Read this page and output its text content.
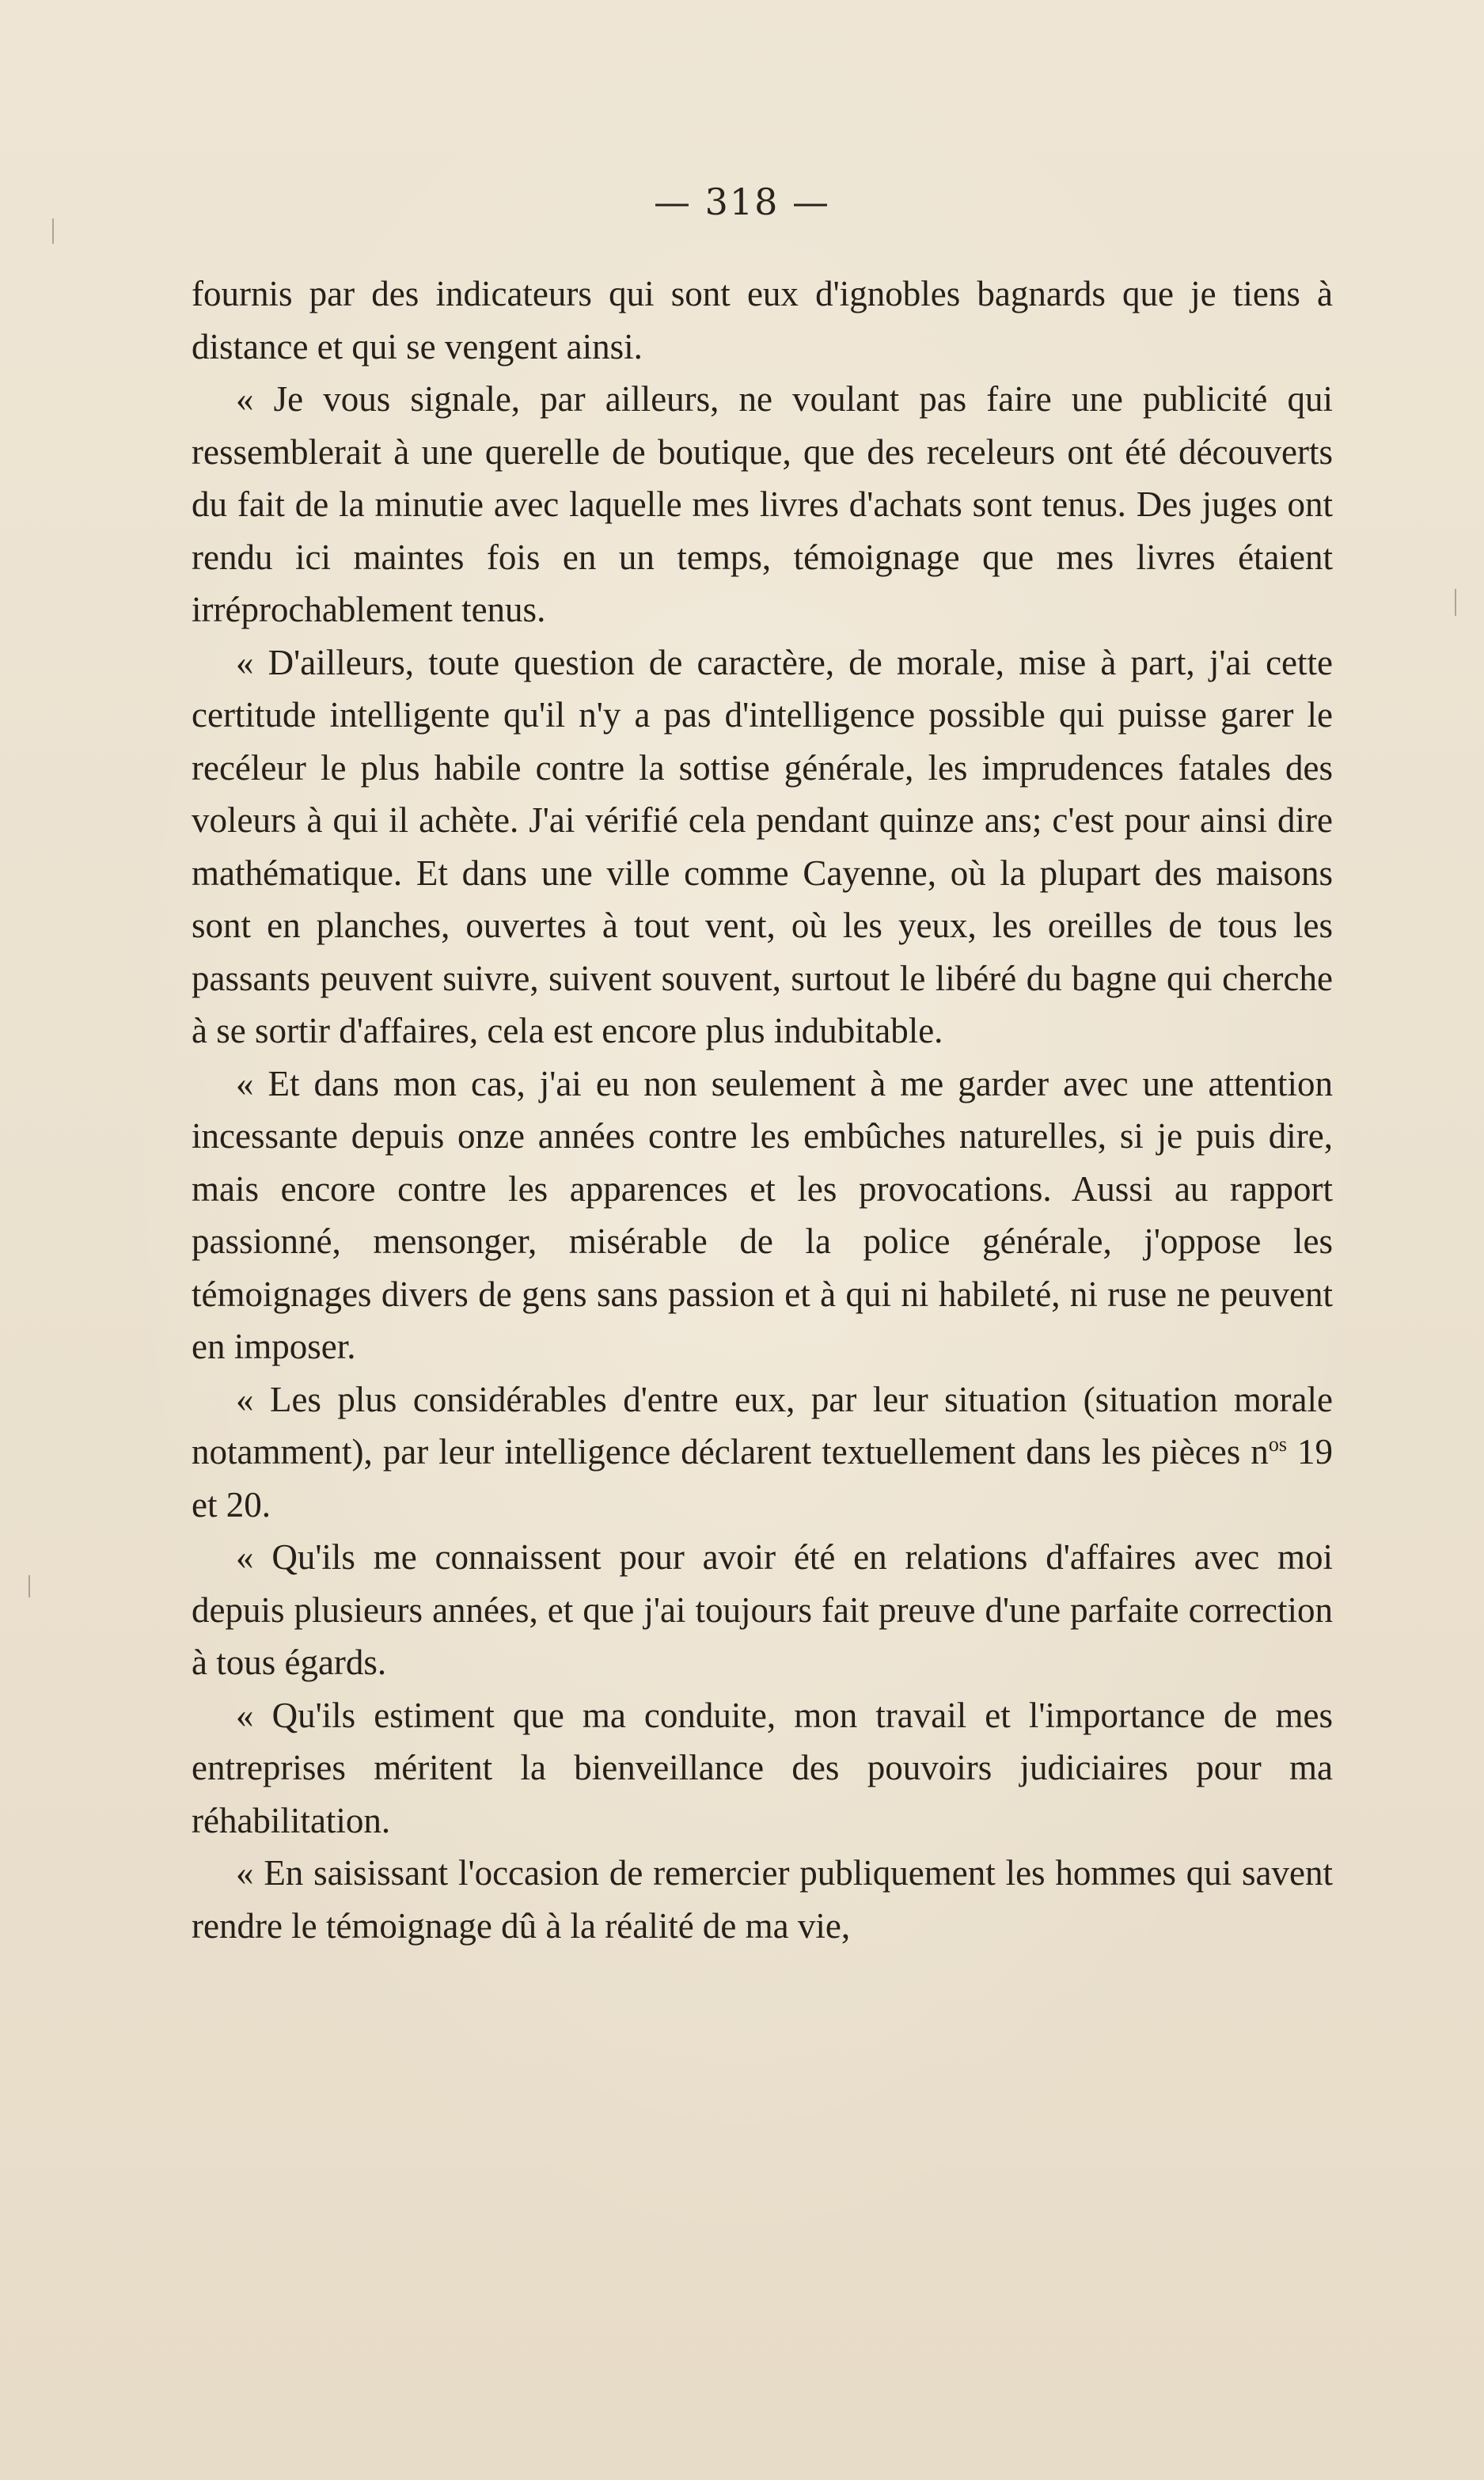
— 318 —

fournis par des indicateurs qui sont eux d'ignobles bagnards que je tiens à distance et qui se vengent ainsi.

« Je vous signale, par ailleurs, ne voulant pas faire une publicité qui ressemblerait à une querelle de boutique, que des receleurs ont été découverts du fait de la minutie avec laquelle mes livres d'achats sont tenus. Des juges ont rendu ici maintes fois en un temps, témoignage que mes livres étaient irréprochablement tenus.

« D'ailleurs, toute question de caractère, de morale, mise à part, j'ai cette certitude intelligente qu'il n'y a pas d'intelligence possible qui puisse garer le recéleur le plus habile contre la sottise générale, les imprudences fatales des voleurs à qui il achète. J'ai vérifié cela pendant quinze ans; c'est pour ainsi dire mathématique. Et dans une ville comme Cayenne, où la plupart des maisons sont en planches, ouvertes à tout vent, où les yeux, les oreilles de tous les passants peuvent suivre, suivent souvent, surtout le libéré du bagne qui cherche à se sortir d'affaires, cela est encore plus indubitable.

« Et dans mon cas, j'ai eu non seulement à me garder avec une attention incessante depuis onze années contre les embûches naturelles, si je puis dire, mais encore contre les apparences et les provocations. Aussi au rapport passionné, mensonger, misérable de la police générale, j'oppose les témoignages divers de gens sans passion et à qui ni habileté, ni ruse ne peuvent en imposer.

« Les plus considérables d'entre eux, par leur situation (situation morale notamment), par leur intelligence déclarent textuellement dans les pièces $n^{os}$ 19 et 20.

« Qu'ils me connaissent pour avoir été en relations d'affaires avec moi depuis plusieurs années, et que j'ai toujours fait preuve d'une parfaite correction à tous égards.

« Qu'ils estiment que ma conduite, mon travail et l'importance de mes entreprises méritent la bienveillance des pouvoirs judiciaires pour ma réhabilitation.

« En saisissant l'occasion de remercier publiquement les hommes qui savent rendre le témoignage dû à la réalité de ma vie,
